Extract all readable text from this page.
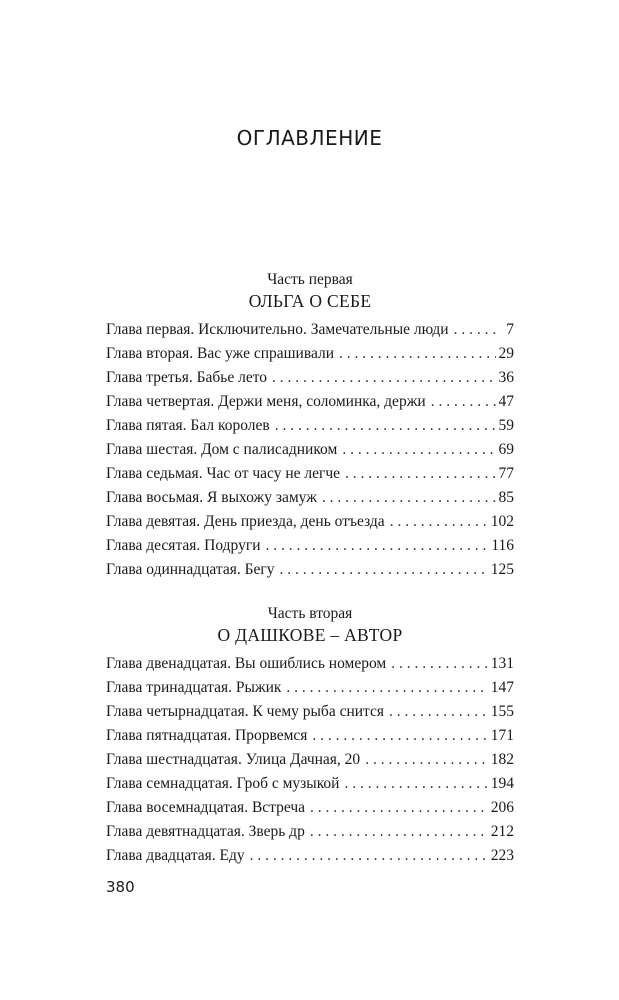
ОГЛАВЛЕНИЕ
Часть первая
ОЛЬГА О СЕБЕ
Глава первая. Исключительно. Замечательные люди . . .	7
Глава вторая. Вас уже спрашивали . . .	29
Глава третья. Бабье лето . . .	36
Глава четвертая. Держи меня, соломинка, держи . . .	47
Глава пятая. Бал королев . . .	59
Глава шестая. Дом с палисадником . . .	69
Глава седьмая. Час от часу не легче . . .	77
Глава восьмая. Я выхожу замуж . . .	85
Глава девятая. День приезда, день отъезда . . .	102
Глава десятая. Подруги . . .	116
Глава одиннадцатая. Бегу . . .	125
Часть вторая
О ДАШКОВЕ – АВТОР
Глава двенадцатая. Вы ошиблись номером . . .	131
Глава тринадцатая. Рыжик . . .	147
Глава четырнадцатая. К чему рыба снится . . .	155
Глава пятнадцатая. Прорвемся . . .	171
Глава шестнадцатая. Улица Дачная, 20 . . .	182
Глава семнадцатая. Гроб с музыкой . . .	194
Глава восемнадцатая. Встреча . . .	206
Глава девятнадцатая. Зверь др . . .	212
Глава двадцатая. Еду . . .	223
380
